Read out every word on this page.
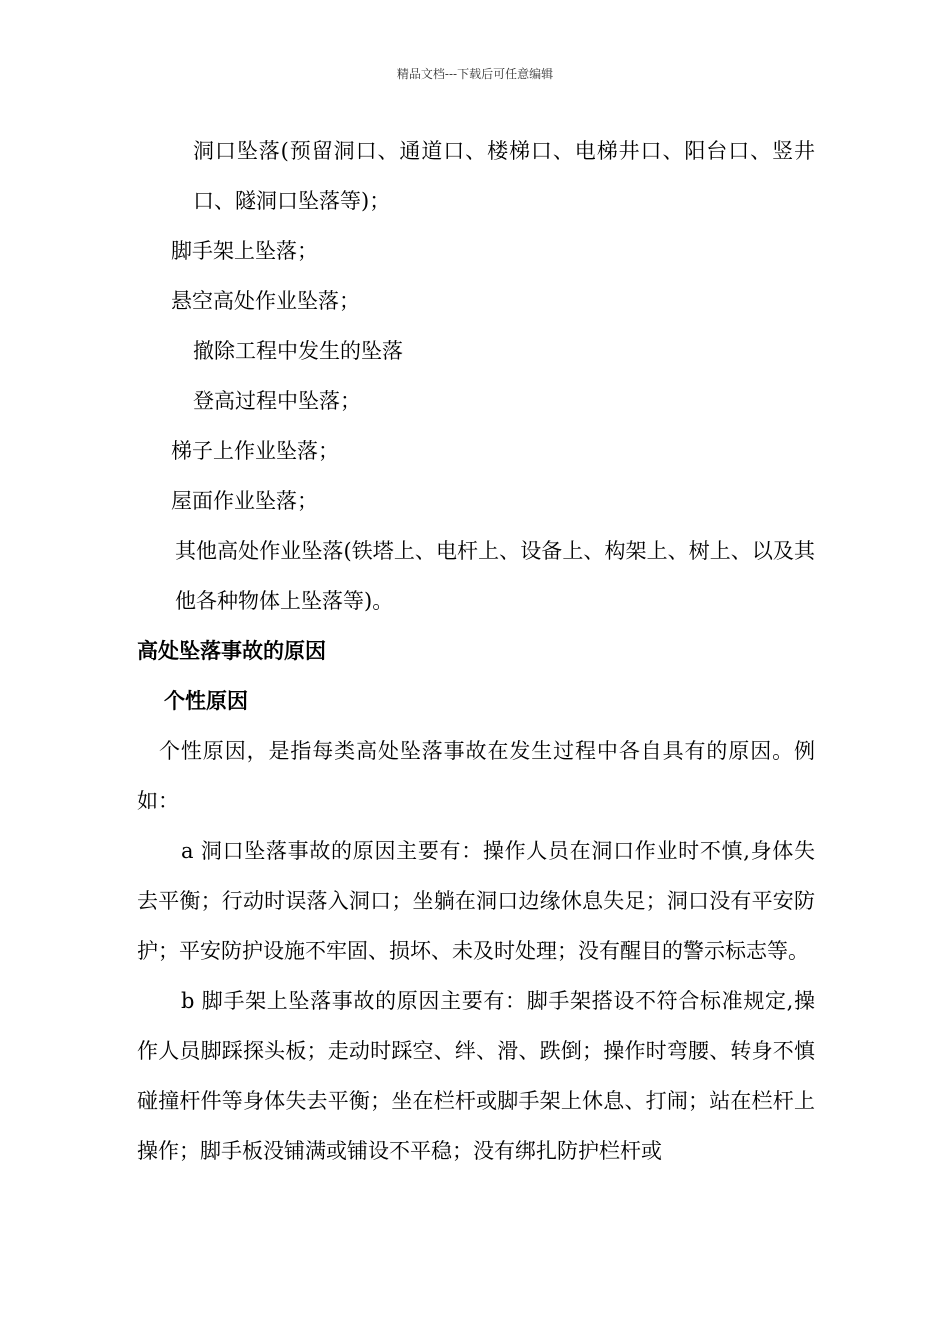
精品文档---下载后可任意编辑
洞口坠落(预留洞口、通道口、楼梯口、电梯井口、阳台口、竖井口、隧洞口坠落等)；
脚手架上坠落；
悬空高处作业坠落；
撤除工程中发生的坠落
登高过程中坠落；
梯子上作业坠落；
屋面作业坠落；
其他高处作业坠落(铁塔上、电杆上、设备上、构架上、树上、以及其他各种物体上坠落等)。
高处坠落事故的原因
个性原因
个性原因，是指每类高处坠落事故在发生过程中各自具有的原因。例如：
a 洞口坠落事故的原因主要有：操作人员在洞口作业时不慎,身体失去平衡；行动时误落入洞口；坐躺在洞口边缘休息失足；洞口没有平安防护；平安防护设施不牢固、损坏、未及时处理；没有醒目的警示标志等。
b 脚手架上坠落事故的原因主要有：脚手架搭设不符合标准规定,操作人员脚踩探头板；走动时踩空、绊、滑、跌倒；操作时弯腰、转身不慎碰撞杆件等身体失去平衡；坐在栏杆或脚手架上休息、打闹；站在栏杆上操作；脚手板没铺满或铺设不平稳；没有绑扎防护栏杆或
